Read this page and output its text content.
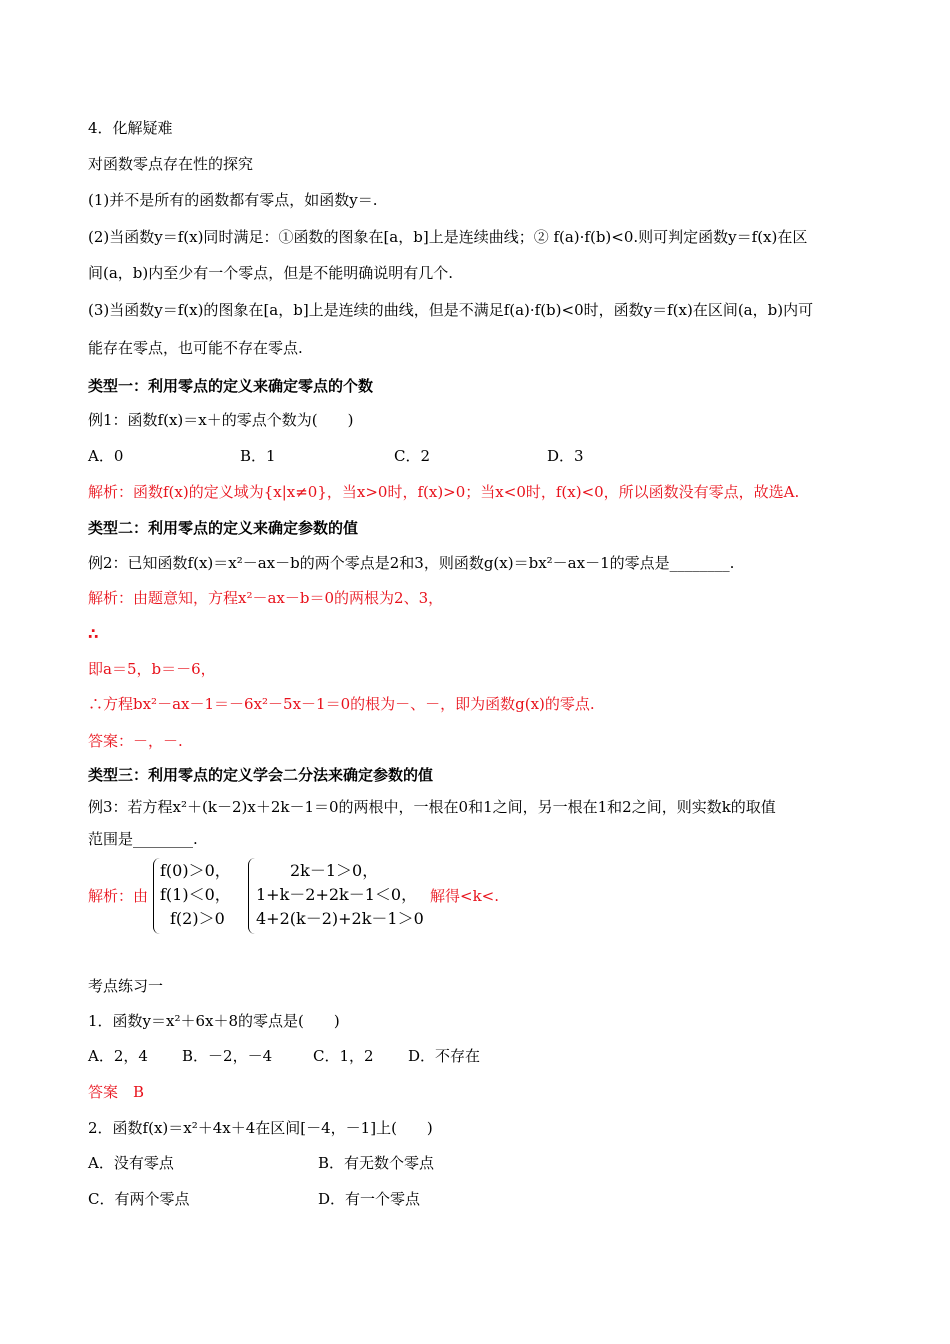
4．化解疑难
对函数零点存在性的探究
(1)并不是所有的函数都有零点，如函数y＝.
(2)当函数y＝f(x)同时满足：①函数的图象在[a，b]上是连续曲线；② f(a)·f(b)<0.则可判定函数y＝f(x)在区
间(a，b)内至少有一个零点，但是不能明确说明有几个.
(3)当函数y＝f(x)的图象在[a，b]上是连续的曲线，但是不满足f(a)·f(b)<0时，函数y＝f(x)在区间(a，b)内可
能存在零点，也可能不存在零点.
类型一：利用零点的定义来确定零点的个数
例1：函数f(x)＝x＋的零点个数为(　　)
A．0	B．1	C．2	D．3
解析：函数f(x)的定义域为{x|x≠0}，当x>0时，f(x)>0；当x<0时，f(x)<0，所以函数没有零点，故选A.
类型二：利用零点的定义来确定参数的值
例2：已知函数f(x)＝x²－ax－b的两个零点是2和3，则函数g(x)＝bx²－ax－1的零点是________.
解析：由题意知，方程x²－ax－b＝0的两根为2、3，
∴
即a＝5，b＝－6，
∴方程bx²－ax－1＝－6x²－5x－1＝0的根为－、－，即为函数g(x)的零点.
答案：－，－.
类型三：利用零点的定义学会二分法来确定参数的值
例3：若方程x²＋(k－2)x＋2k－1＝0的两根中，一根在0和1之间，另一根在1和2之间，则实数k的取值
范围是________.
解析：由
f(0)＞0，
f(1)＜0，
f(2)＞0
2k－1＞0，
1+k－2+2k－1＜0，
4+2(k－2)+2k－1＞0
解得<k<.
考点练习一
1．函数y＝x²＋6x＋8的零点是(　　)
A．2，4 B．－2，－4	C．1，2 D．不存在
答案　B
2．函数f(x)＝x²＋4x＋4在区间[－4，－1]上(　　)
A．没有零点	B．有无数个零点
C．有两个零点	D．有一个零点
